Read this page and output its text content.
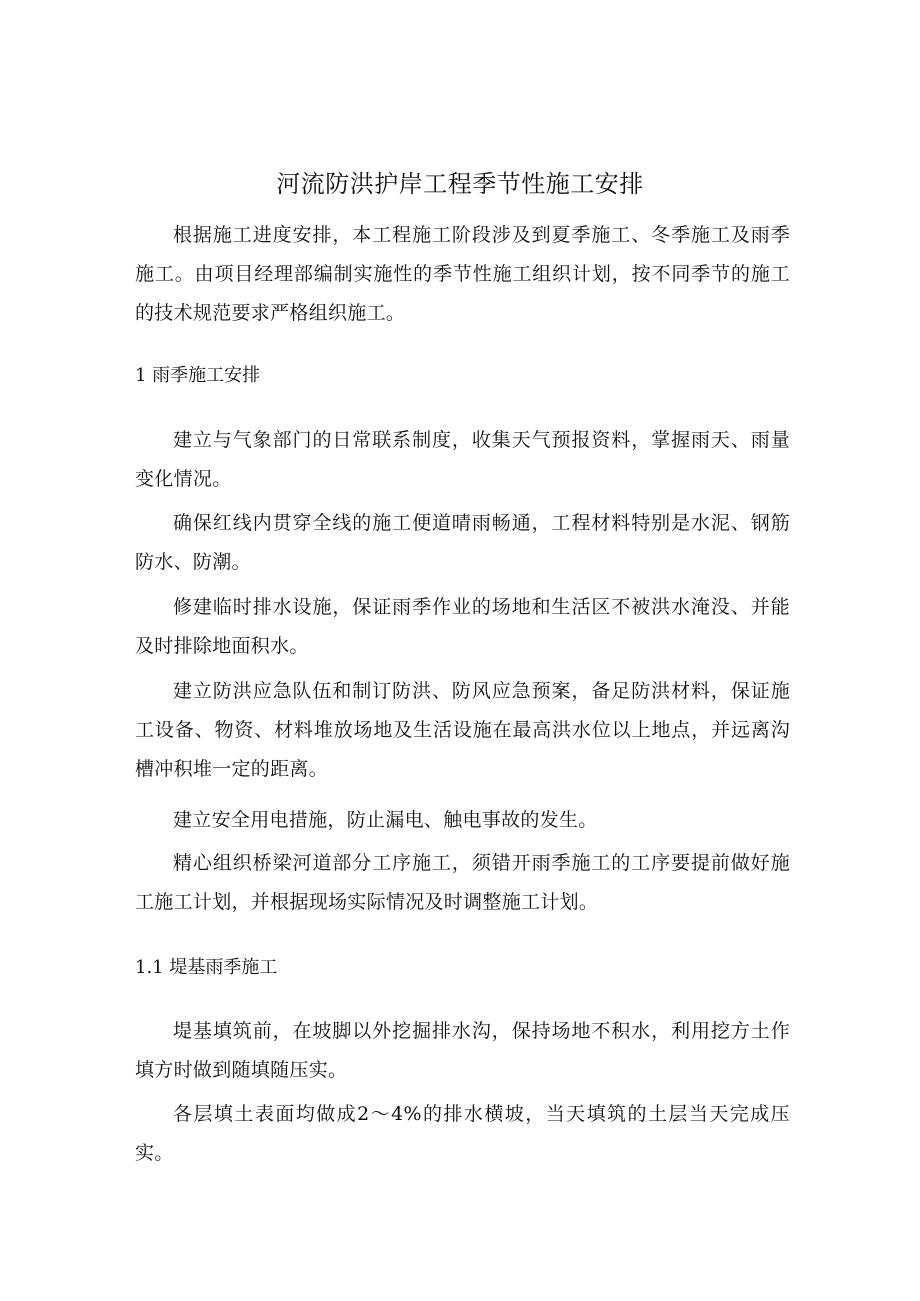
河流防洪护岸工程季节性施工安排

根据施工进度安排，本工程施工阶段涉及到夏季施工、冬季施工及雨季施工。由项目经理部编制实施性的季节性施工组织计划，按不同季节的施工的技术规范要求严格组织施工。

1 雨季施工安排

建立与气象部门的日常联系制度，收集天气预报资料，掌握雨天、雨量变化情况。

确保红线内贯穿全线的施工便道晴雨畅通，工程材料特别是水泥、钢筋防水、防潮。

修建临时排水设施，保证雨季作业的场地和生活区不被洪水淹没、并能及时排除地面积水。

建立防洪应急队伍和制订防洪、防风应急预案，备足防洪材料，保证施工设备、物资、材料堆放场地及生活设施在最高洪水位以上地点，并远离沟槽冲积堆一定的距离。

建立安全用电措施，防止漏电、触电事故的发生。

精心组织桥梁河道部分工序施工，须错开雨季施工的工序要提前做好施工施工计划，并根据现场实际情况及时调整施工计划。

1.1 堤基雨季施工

堤基填筑前，在坡脚以外挖掘排水沟，保持场地不积水，利用挖方土作填方时做到随填随压实。

各层填土表面均做成2～4%的排水横坡，当天填筑的土层当天完成压实。
